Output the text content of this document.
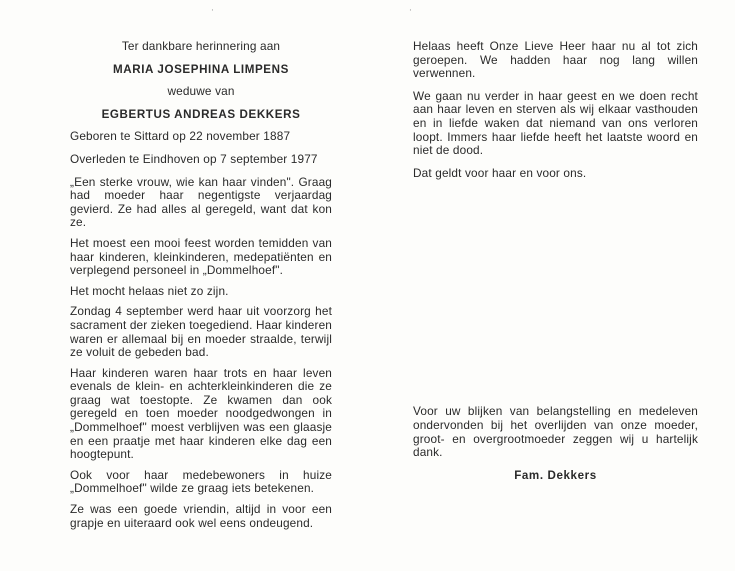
·	·

Ter dankbare herinnering aan

MARIA JOSEPHINA LIMPENS

weduwe van

EGBERTUS ANDREAS DEKKERS

Geboren te Sittard op 22 november 1887

Overleden te Eindhoven op 7 september 1977

„Een sterke vrouw, wie kan haar vinden". Graag had moeder haar negentigste verjaardag gevierd. Ze had alles al geregeld, want dat kon ze.

Het moest een mooi feest worden temidden van haar kinderen, kleinkinderen, medepatiënten en verplegend personeel in „Dommelhoef".

Het mocht helaas niet zo zijn.

Zondag 4 september werd haar uit voorzorg het sacrament der zieken toegediend. Haar kinderen waren er allemaal bij en moeder straalde, terwijl ze voluit de gebeden bad.

Haar kinderen waren haar trots en haar leven evenals de klein- en achterkleinkinderen die ze graag wat toestopte. Ze kwamen dan ook geregeld en toen moeder noodgedwongen in „Dommelhoef" moest verblijven was een glaasje en een praatje met haar kinderen elke dag een hoogtepunt.

Ook voor haar medebewoners in huize „Dommelhoef" wilde ze graag iets betekenen.

Ze was een goede vriendin, altijd in voor een grapje en uiteraard ook wel eens ondeugend.

Helaas heeft Onze Lieve Heer haar nu al tot zich geroepen. We hadden haar nog lang willen verwennen.

We gaan nu verder in haar geest en we doen recht aan haar leven en sterven als wij elkaar vasthouden en in liefde waken dat niemand van ons verloren loopt. Immers haar liefde heeft het laatste woord en niet de dood.

Dat geldt voor haar en voor ons.

Voor uw blijken van belangstelling en medeleven ondervonden bij het overlijden van onze moeder, groot- en overgrootmoeder zeggen wij u hartelijk dank.

Fam. Dekkers
